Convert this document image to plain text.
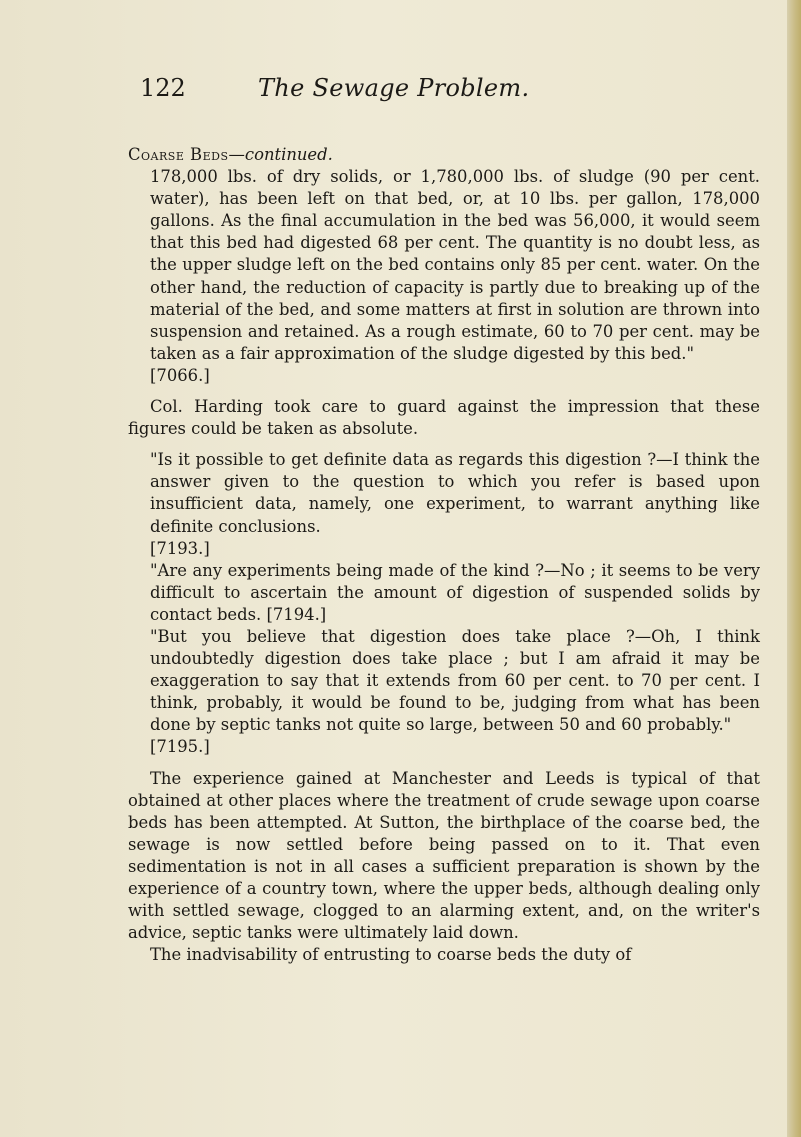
122	The Sewage Problem.

Coarse Beds—continued.

178,000 lbs. of dry solids, or 1,780,000 lbs. of sludge (90 per cent. water), has been left on that bed, or, at 10 lbs. per gallon, 178,000 gallons. As the final accumulation in the bed was 56,000, it would seem that this bed had digested 68 per cent. The quantity is no doubt less, as the upper sludge left on the bed contains only 85 per cent. water. On the other hand, the reduction of capacity is partly due to breaking up of the material of the bed, and some matters at first in solution are thrown into suspension and retained. As a rough estimate, 60 to 70 per cent. may be taken as a fair approximation of the sludge digested by this bed."
[7066.]

Col. Harding took care to guard against the impression that these figures could be taken as absolute.

"Is it possible to get definite data as regards this digestion ?—I think the answer given to the question to which you refer is based upon insufficient data, namely, one experiment, to warrant anything like definite conclusions.
[7193.]

"Are any experiments being made of the kind ?—No ; it seems to be very difficult to ascertain the amount of digestion of suspended solids by contact beds. [7194.]

"But you believe that digestion does take place ?—Oh, I think undoubtedly digestion does take place ; but I am afraid it may be exaggeration to say that it extends from 60 per cent. to 70 per cent. I think, probably, it would be found to be, judging from what has been done by septic tanks not quite so large, between 50 and 60 probably."
[7195.]

The experience gained at Manchester and Leeds is typical of that obtained at other places where the treatment of crude sewage upon coarse beds has been attempted. At Sutton, the birthplace of the coarse bed, the sewage is now settled before being passed on to it. That even sedimentation is not in all cases a sufficient preparation is shown by the experience of a country town, where the upper beds, although dealing only with settled sewage, clogged to an alarming extent, and, on the writer's advice, septic tanks were ultimately laid down.

The inadvisability of entrusting to coarse beds the duty of
